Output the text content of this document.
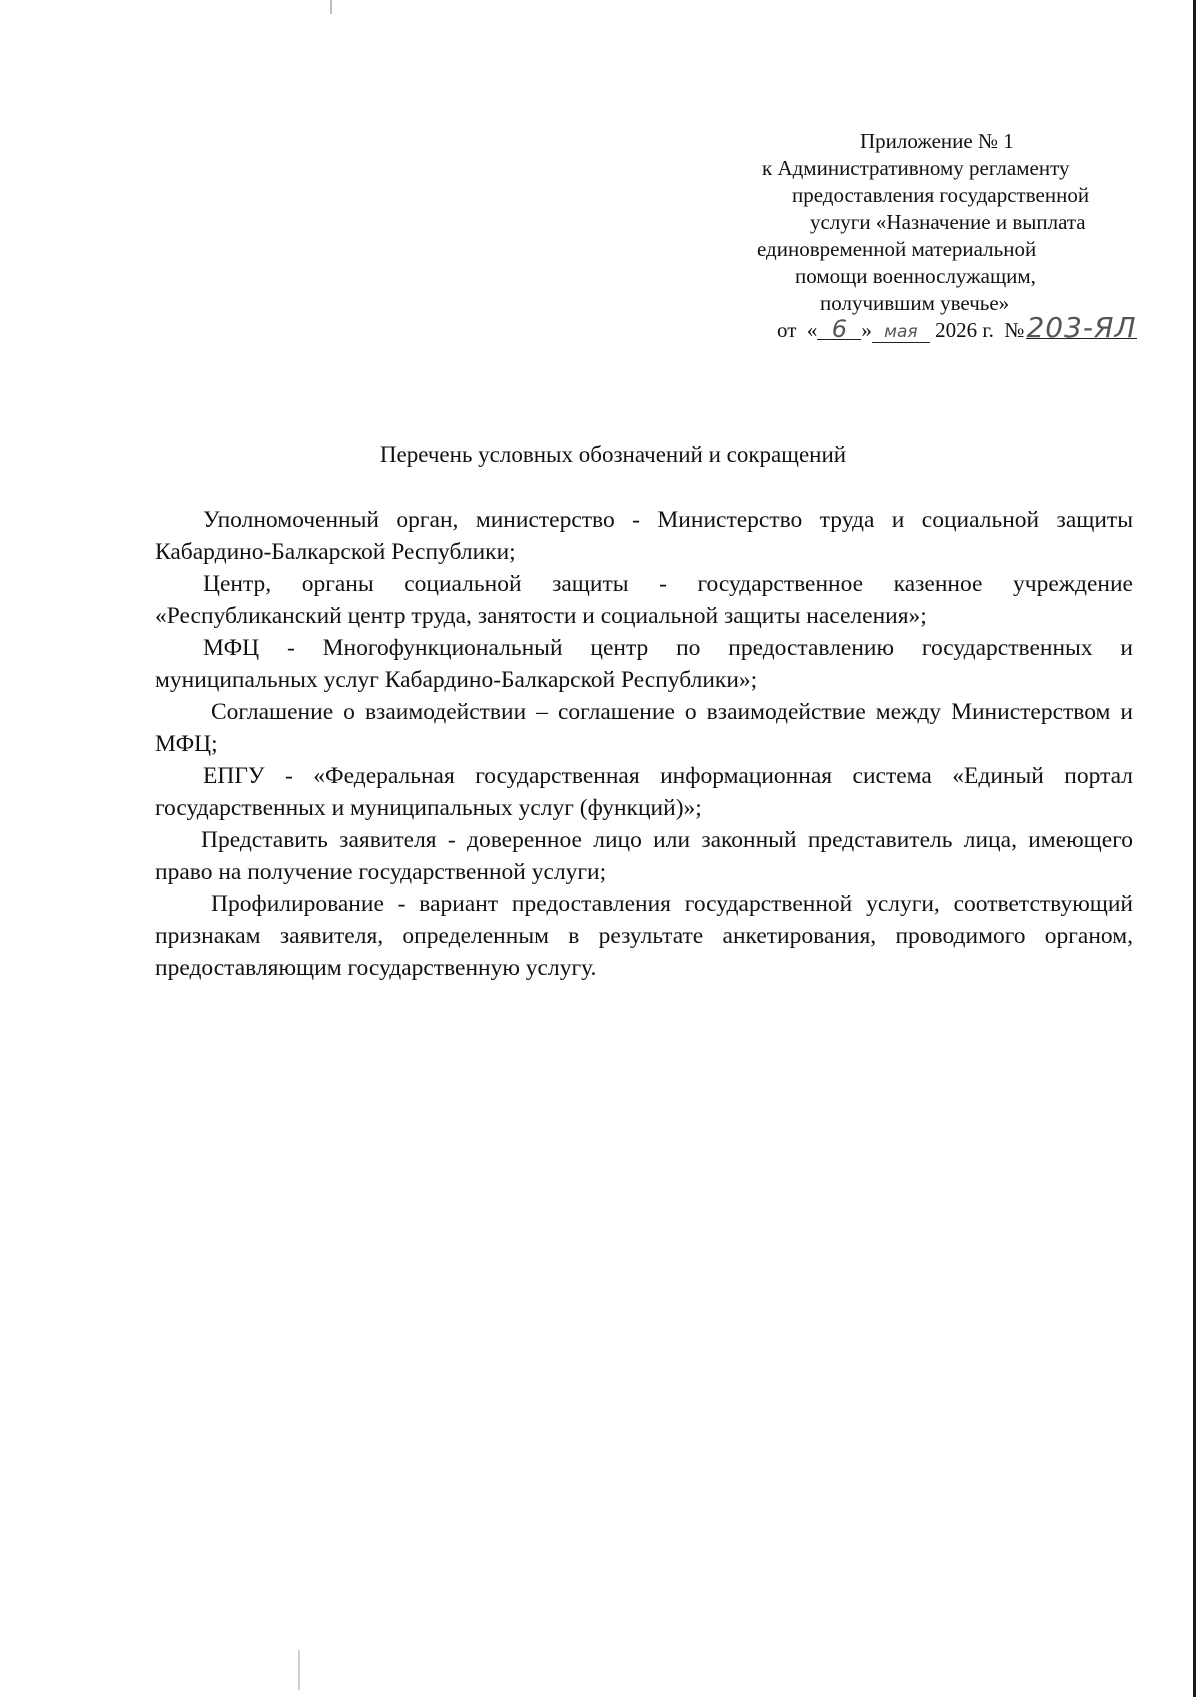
Приложение № 1
к Административному регламенту
предоставления государственной
услуги «Назначение и выплата
единовременной материальной
помощи военнослужащим,
получившим увечье»
от « 6 » мая 2026 г. №203-ЯЛ
Перечень условных обозначений и сокращений

Уполномоченный орган, министерство - Министерство труда и социальной защиты Кабардино-Балкарской Республики;

Центр, органы социальной защиты - государственное казенное учреждение «Республиканский центр труда, занятости и социальной защиты населения»;

МФЦ - Многофункциональный центр по предоставлению государственных и муниципальных услуг Кабардино-Балкарской Республики»;

Соглашение о взаимодействии – соглашение о взаимодействие между Министерством и МФЦ;

ЕПГУ - «Федеральная государственная информационная система «Единый портал государственных и муниципальных услуг (функций)»;

Представить заявителя - доверенное лицо или законный представитель лица, имеющего право на получение государственной услуги;

Профилирование - вариант предоставления государственной услуги, соответствующий признакам заявителя, определенным в результате анкетирования, проводимого органом, предоставляющим государственную услугу.
